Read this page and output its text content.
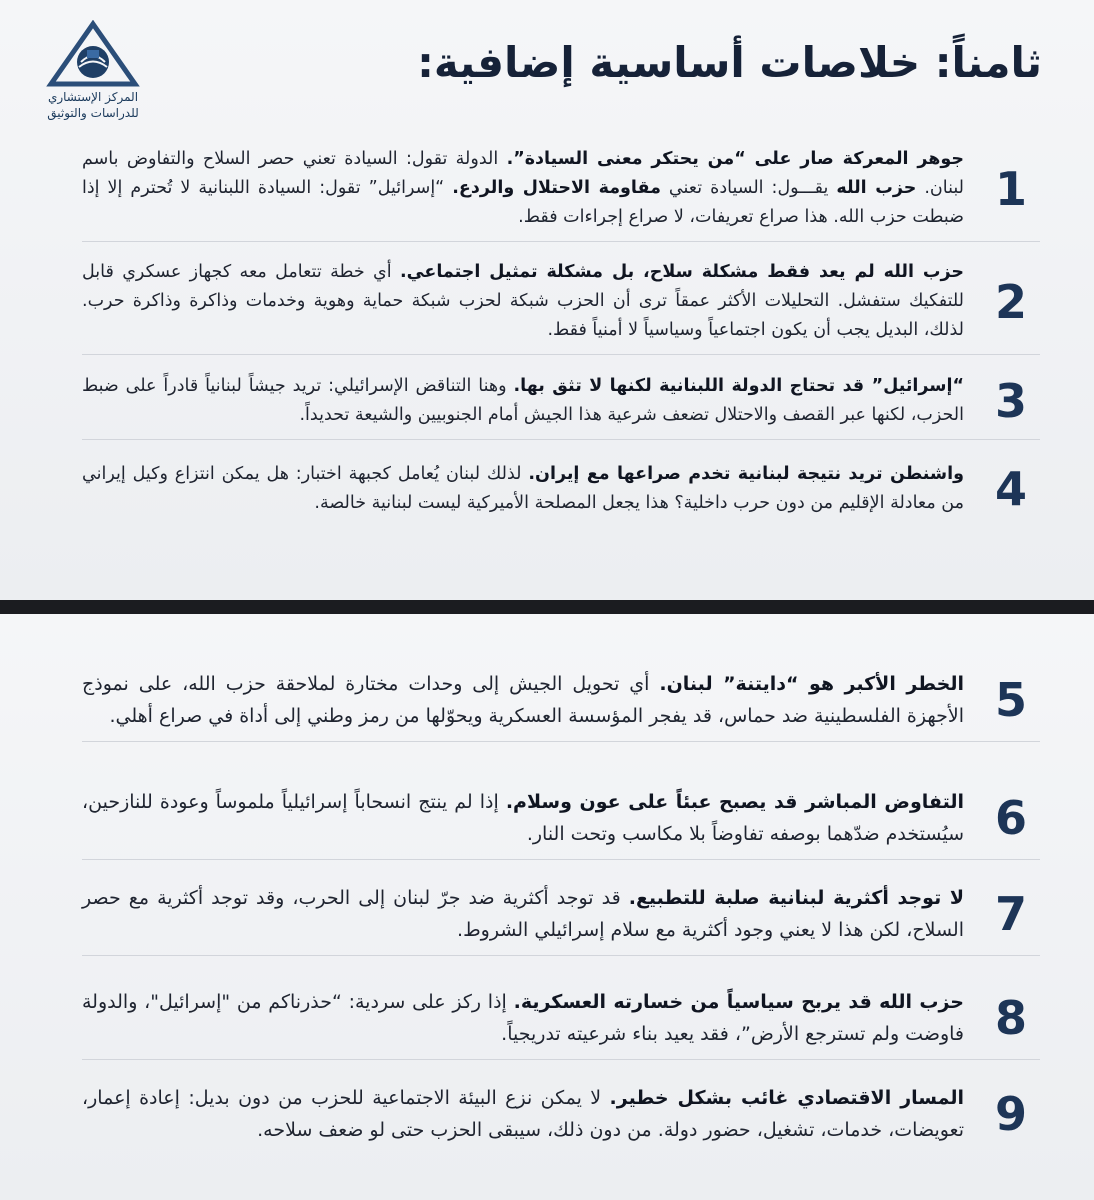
المركز الإستشاري
للدراسات والتوثيق
ثامناً: خلاصات أساسية إضافية:
1
جوهر المعركة صار على “من يحتكر معنى السيادة”. الدولة تقول: السيادة تعني حصر السلاح والتفاوض باسم لبنان. حزب الله يقـــول: السيادة تعني مقاومة الاحتلال والردع. “إسرائيل” تقول: السيادة اللبنانية لا تُحترم إلا إذا ضبطت حزب الله. هذا صراع تعريفات، لا صراع إجراءات فقط.
2
حزب الله لم يعد فقط مشكلة سلاح، بل مشكلة تمثيل اجتماعي. أي خطة تتعامل معه كجهاز عسكري قابل للتفكيك ستفشل. التحليلات الأكثر عمقاً ترى أن الحزب شبكة لحزب شبكة حماية وهوية وخدمات وذاكرة وذاكرة حرب. لذلك، البديل يجب أن يكون اجتماعياً وسياسياً لا أمنياً فقط.
3
“إسرائيل” قد تحتاج الدولة اللبنانية لكنها لا تثق بها. وهنا التناقض الإسرائيلي: تريد جيشاً لبنانياً قادراً على ضبط الحزب، لكنها عبر القصف والاحتلال تضعف شرعية هذا الجيش أمام الجنوبيين والشيعة تحديداً.
4
واشنطن تريد نتيجة لبنانية تخدم صراعها مع إيران. لذلك لبنان يُعامل كجبهة اختبار: هل يمكن انتزاع وكيل إيراني من معادلة الإقليم من دون حرب داخلية؟ هذا يجعل المصلحة الأميركية ليست لبنانية خالصة.
5
الخطر الأكبر هو “دايتنة” لبنان. أي تحويل الجيش إلى وحدات مختارة لملاحقة حزب الله، على نموذج الأجهزة الفلسطينية ضد حماس، قد يفجر المؤسسة العسكرية ويحوّلها من رمز وطني إلى أداة في صراع أهلي.
6
التفاوض المباشر قد يصبح عبئاً على عون وسلام. إذا لم ينتج انسحاباً إسرائيلياً ملموساً وعودة للنازحين، سيُستخدم ضدّهما بوصفه تفاوضاً بلا مكاسب وتحت النار.
7
لا توجد أكثرية لبنانية صلبة للتطبيع. قد توجد أكثرية ضد جرّ لبنان إلى الحرب، وقد توجد أكثرية مع حصر السلاح، لكن هذا لا يعني وجود أكثرية مع سلام إسرائيلي الشروط.
8
حزب الله قد يربح سياسياً من خسارته العسكرية. إذا ركز على سردية: “حذرناكم من "إسرائيل"، والدولة فاوضت ولم تسترجع الأرض”، فقد يعيد بناء شرعيته تدريجياً.
9
المسار الاقتصادي غائب بشكل خطير. لا يمكن نزع البيئة الاجتماعية للحزب من دون بديل: إعادة إعمار، تعويضات، خدمات، تشغيل، حضور دولة. من دون ذلك، سيبقى الحزب حتى لو ضعف سلاحه.
